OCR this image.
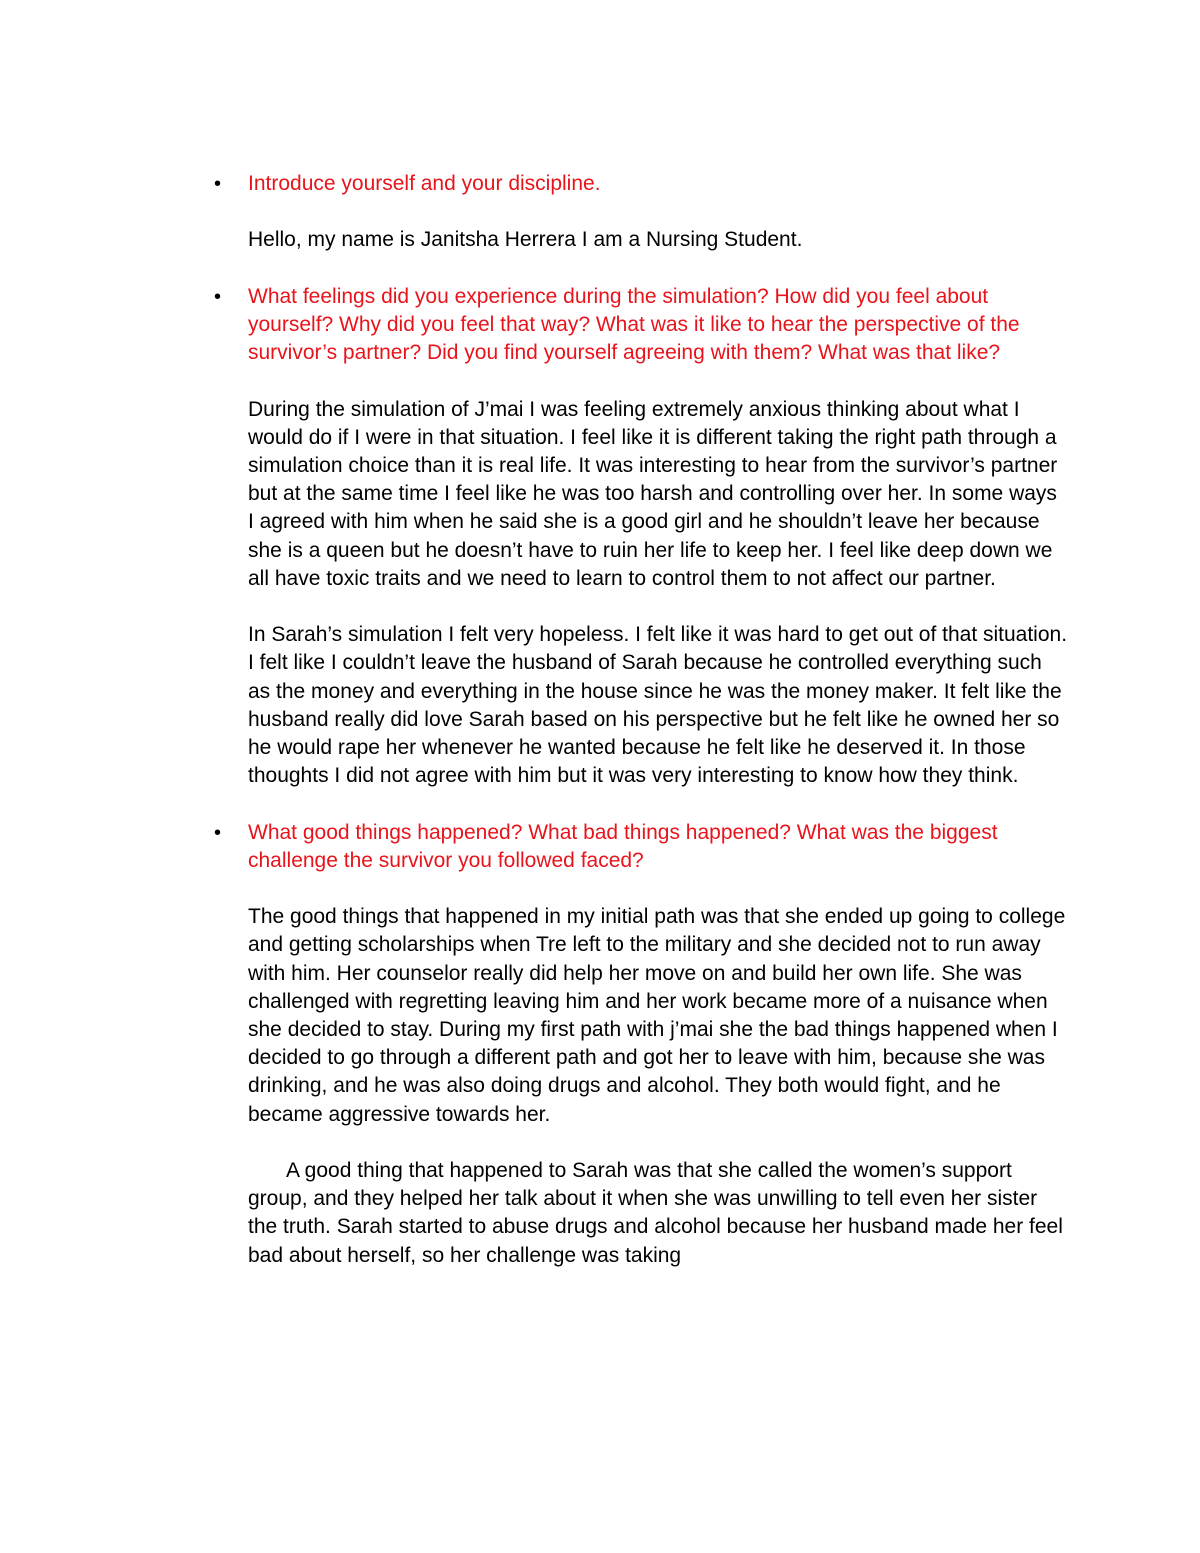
• Introduce yourself and your discipline.

Hello, my name is Janitsha Herrera I am a Nursing Student.

• What feelings did you experience during the simulation? How did you feel about yourself? Why did you feel that way? What was it like to hear the perspective of the survivor’s partner? Did you find yourself agreeing with them? What was that like?

During the simulation of J’mai I was feeling extremely anxious thinking about what I would do if I were in that situation. I feel like it is different taking the right path through a simulation choice than it is real life. It was interesting to hear from the survivor’s partner but at the same time I feel like he was too harsh and controlling over her. In some ways I agreed with him when he said she is a good girl and he shouldn’t leave her because she is a queen but he doesn’t have to ruin her life to keep her. I feel like deep down we all have toxic traits and we need to learn to control them to not affect our partner.

In Sarah’s simulation I felt very hopeless. I felt like it was hard to get out of that situation. I felt like I couldn’t leave the husband of Sarah because he controlled everything such as the money and everything in the house since he was the money maker. It felt like the husband really did love Sarah based on his perspective but he felt like he owned her so he would rape her whenever he wanted because he felt like he deserved it. In those thoughts I did not agree with him but it was very interesting to know how they think.

• What good things happened? What bad things happened? What was the biggest challenge the survivor you followed faced?

The good things that happened in my initial path was that she ended up going to college and getting scholarships when Tre left to the military and she decided not to run away with him. Her counselor really did help her move on and build her own life. She was challenged with regretting leaving him and her work became more of a nuisance when she decided to stay. During my first path with j’mai she the bad things happened when I decided to go through a different path and got her to leave with him, because she was drinking, and he was also doing drugs and alcohol. They both would fight, and he became aggressive towards her.

A good thing that happened to Sarah was that she called the women’s support group, and they helped her talk about it when she was unwilling to tell even her sister the truth. Sarah started to abuse drugs and alcohol because her husband made her feel bad about herself, so her challenge was taking
